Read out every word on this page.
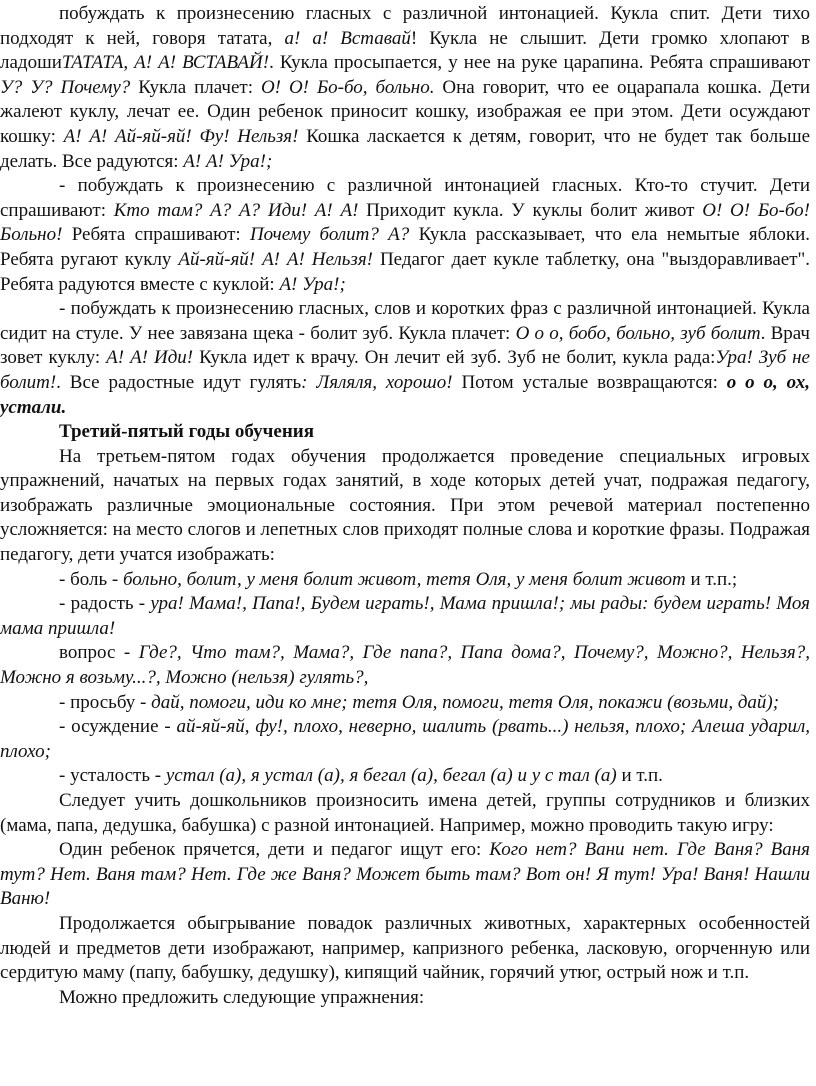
побуждать к произнесению гласных с различной интонацией. Кукла спит. Дети тихо подходят к ней, говоря татата, а! а! Вставай! Кукла не слышит. Дети громко хлопают в ладошиТАТАТА, А! А! ВСТАВАЙ!. Кукла просыпается, у нее на руке царапина. Ребята спрашивают У? У? Почему? Кукла плачет: О! О! Бо-бо, больно. Она говорит, что ее оцарапала кошка. Дети жалеют куклу, лечат ее. Один ребенок приносит кошку, изображая ее при этом. Дети осуждают кошку: А! А! Ай-яй-яй! Фу! Нельзя! Кошка ласкается к детям, говорит, что не будет так больше делать. Все радуются: А! А! Ура!;

- побуждать к произнесению с различной интонацией гласных. Кто-то стучит. Дети спрашивают: Кто там? А? А? Иди! А! А! Приходит кукла. У куклы болит живот О! О! Бо-бо! Больно! Ребята спрашивают: Почему болит? А? Кукла рассказывает, что ела немытые яблоки. Ребята ругают куклу Ай-яй-яй! А! А! Нельзя! Педагог дает кукле таблетку, она "выздоравливает". Ребята радуются вместе с куклой: А! Ура!;

- побуждать к произнесению гласных, слов и коротких фраз с различной интонацией. Кукла сидит на стуле. У нее завязана щека - болит зуб. Кукла плачет: О о о, бобо, больно, зуб болит. Врач зовет куклу: А! А! Иди! Кукла идет к врачу. Он лечит ей зуб. Зуб не болит, кукла рада:Ура! Зуб не болит!. Все радостные идут гулять: Ляляля, хорошо! Потом усталые возвращаются: о о о, ох, устали.

Третий-пятый годы обучения

На третьем-пятом годах обучения продолжается проведение специальных игровых упражнений, начатых на первых годах занятий, в ходе которых детей учат, подражая педагогу, изображать различные эмоциональные состояния. При этом речевой материал постепенно усложняется: на место слогов и лепетных слов приходят полные слова и короткие фразы. Подражая педагогу, дети учатся изображать:

- боль - больно, болит, у меня болит живот, тетя Оля, у меня болит живот и т.п.;

- радость - ура! Мама!, Папа!, Будем играть!, Мама пришла!; мы рады: будем играть! Моя мама пришла!

вопрос - Где?, Что там?, Мама?, Где папа?, Папа дома?, Почему?, Можно?, Нельзя?, Можно я возьму...?, Можно (нельзя) гулять?,

- просьбу - дай, помоги, иди ко мне; тетя Оля, помоги, тетя Оля, покажи (возьми, дай);

- осуждение - ай-яй-яй, фу!, плохо, неверно, шалить (рвать...) нельзя, плохо; Алеша ударил, плохо;

- усталость - устал (а), я устал (а), я бегал (а), бегал (а) и у с тал (а) и т.п.

Следует учить дошкольников произносить имена детей, группы сотрудников и близких (мама, папа, дедушка, бабушка) с разной интонацией. Например, можно проводить такую игру:

Один ребенок прячется, дети и педагог ищут его: Кого нет? Вани нет. Где Ваня? Ваня тут? Нет. Ваня там? Нет. Где же Ваня? Может быть там? Вот он! Я тут! Ура! Ваня! Нашли Ваню!

Продолжается обыгрывание повадок различных животных, характерных особенностей людей и предметов дети изображают, например, капризного ребенка, ласковую, огорченную или сердитую маму (папу, бабушку, дедушку), кипящий чайник, горячий утюг, острый нож и т.п.

Можно предложить следующие упражнения:
